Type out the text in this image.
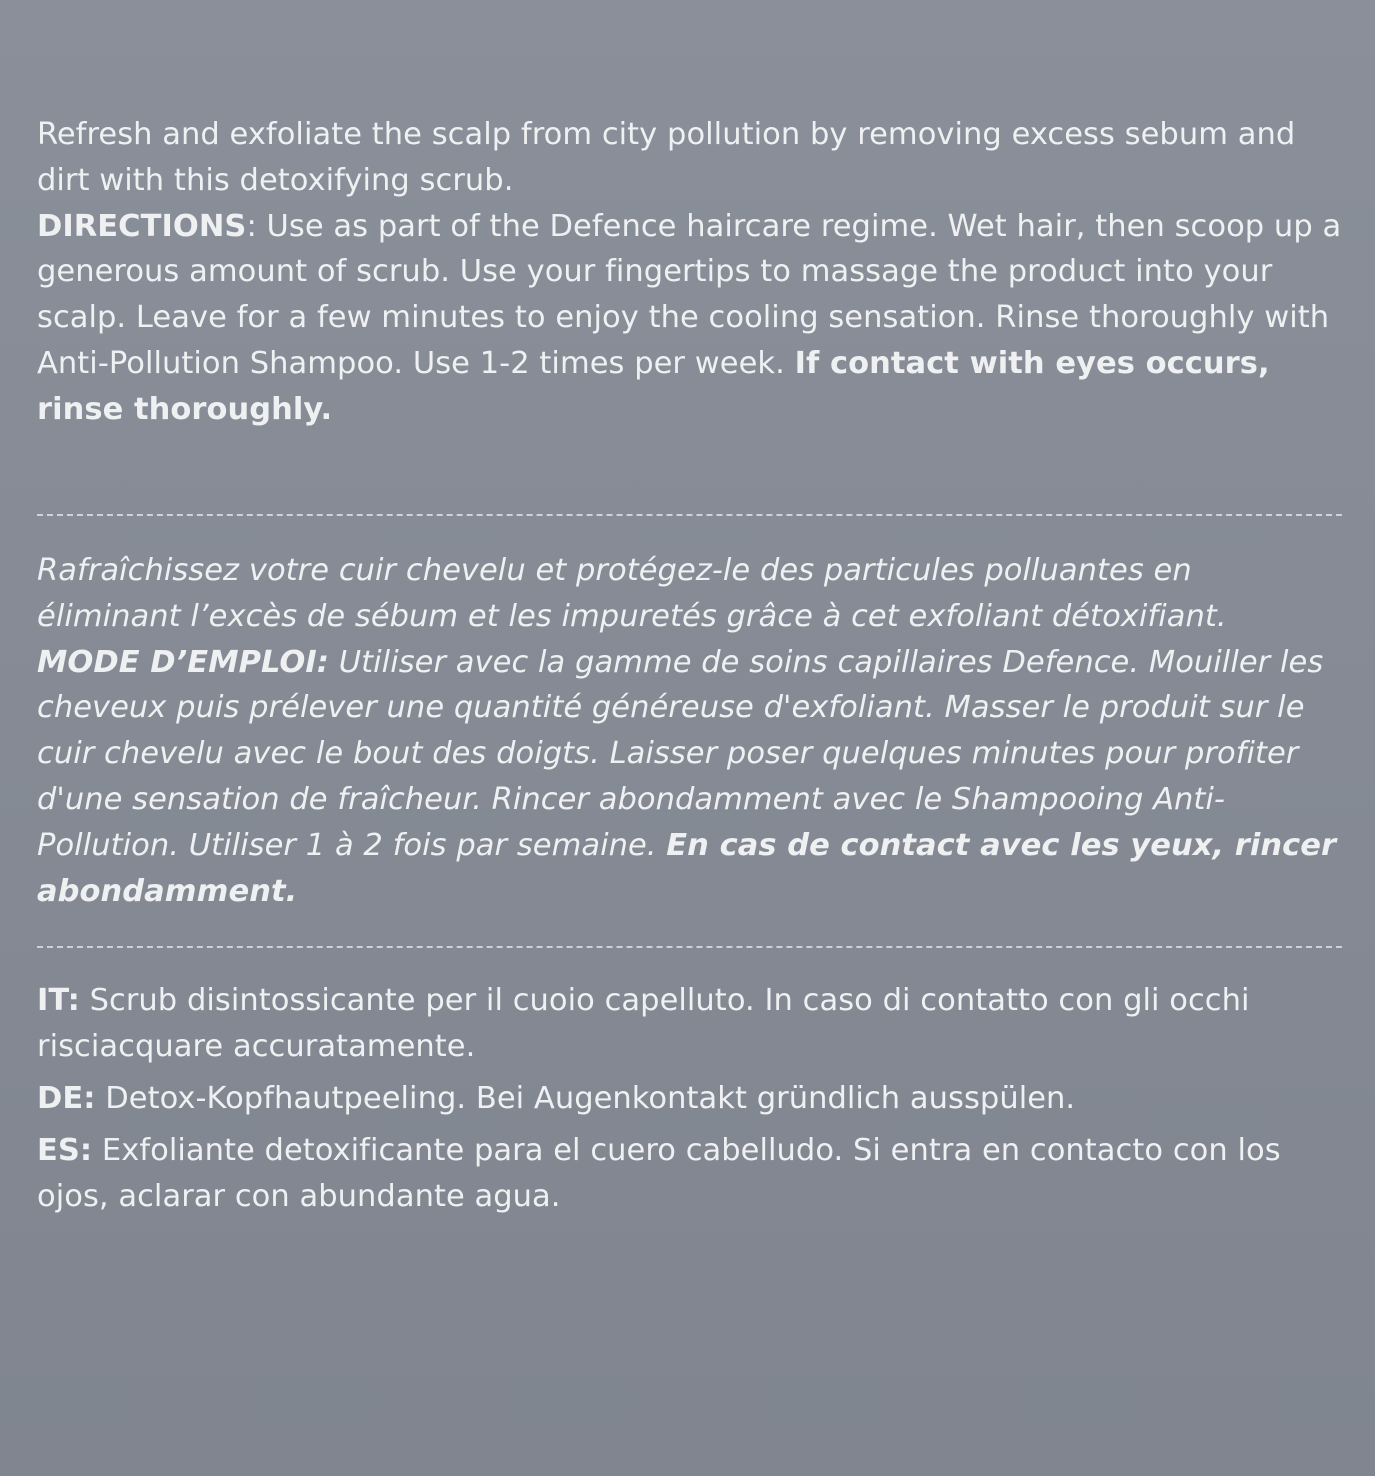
Refresh and exfoliate the scalp from city pollution by removing excess sebum and dirt with this detoxifying scrub.

DIRECTIONS: Use as part of the Defence haircare regime. Wet hair, then scoop up a generous amount of scrub. Use your fingertips to massage the product into your scalp. Leave for a few minutes to enjoy the cooling sensation. Rinse thoroughly with Anti-Pollution Shampoo. Use 1-2 times per week. If contact with eyes occurs, rinse thoroughly.

Rafraîchissez votre cuir chevelu et protégez-le des particules polluantes en éliminant l’excès de sébum et les impuretés grâce à cet exfoliant détoxifiant.

MODE D’EMPLOI: Utiliser avec la gamme de soins capillaires Defence. Mouiller les cheveux puis prélever une quantité généreuse d'exfoliant. Masser le produit sur le cuir chevelu avec le bout des doigts. Laisser poser quelques minutes pour profiter d'une sensation de fraîcheur. Rincer abondamment avec le Shampooing Anti-Pollution. Utiliser 1 à 2 fois par semaine. En cas de contact avec les yeux, rincer abondamment.

IT: Scrub disintossicante per il cuoio capelluto. In caso di contatto con gli occhi risciacquare accuratamente.

DE: Detox-Kopfhautpeeling. Bei Augenkontakt gründlich ausspülen.

ES: Exfoliante detoxificante para el cuero cabelludo. Si entra en contacto con los ojos, aclarar con abundante agua.
